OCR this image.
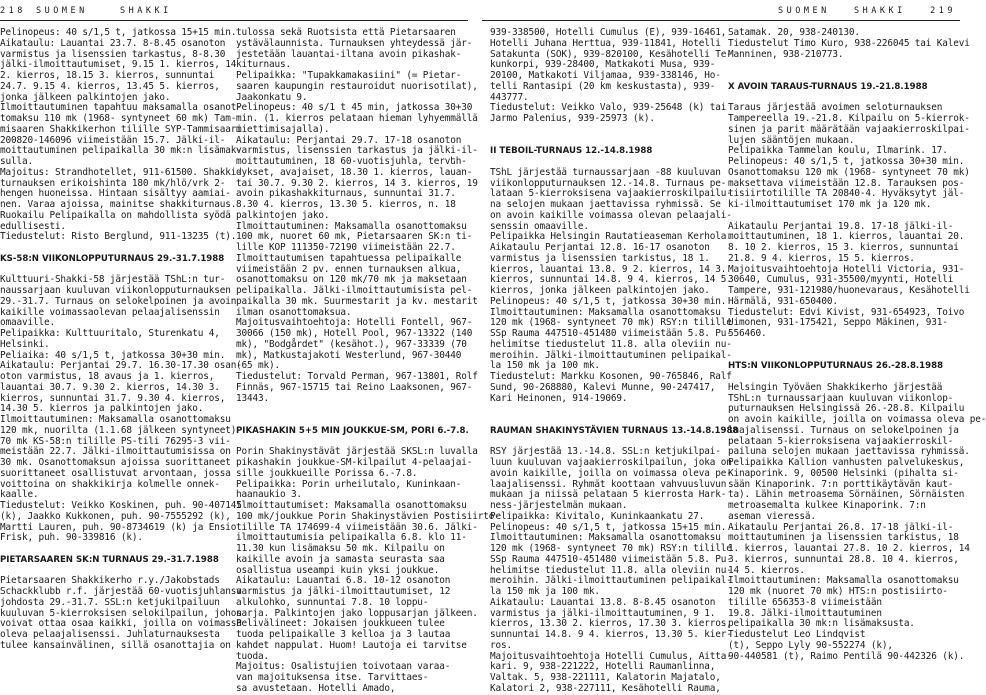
218 SUOMEN	SHAKKI
Pelinopeus: 40 s/1,5 t, jatkossa 15+15 min.
Aikataulu: Lauantai 23.7. 8-8.45 osanoton
varmistus ja lisenssien tarkastus, 8-8.30
jälki-ilmoittautumiset, 9.15 1. kierros, 14
2. kierros, 18.15 3. kierros, sunnuntai
24.7. 9.15 4. kierros, 13.45 5. kierros,
jonka jälkeen palkintojen jako.
Ilmoittautuminen tapahtuu maksamalla osanot-
tomaksu 110 mk (1968- syntyneet 60 mk) Tam-
misaaren Shakkikerhon tilille SYP-Tammisaari
200820-146096 viimeistään 15.7. Jälki-il-
moittautuminen pelipaikalla 30 mk:n lisämak-
sulla.
Majoitus: Strandhotellet, 911-61500. Shakki-
turnauksen erikoishinta 180 mk/hlö/vrk 2-
hengen huoneissa. Hintaan sisältyy aamiai-
nen. Varaa ajoissa, mainitse shakkiturnaus.
Ruokailu Pelipaikalla on mahdollista syödä
edullisesti.
Tiedustelut: Risto Berglund, 911-13235 (t).
KS-58:N VIIKONLOPPUTURNAUS 29.-31.7.1988
Kulttuuri-Shakki-58 järjestää TShL:n tur-
naussarjaan kuuluvan viikonlopputurnauksen
29.-31.7. Turnaus on selokelpoinen ja avoin
kaikille voimassaolevan pelaajalisenssin
omaaville.
Pelipaikka: Kulttuuritalo, Sturenkatu 4,
Helsinki.
Peliaika: 40 s/1,5 t, jatkossa 30+30 min.
Aikataulu: Perjantai 29.7. 16.30-17.30 osan-
oton varmistus, 18 avaus ja 1. kierros,
lauantai 30.7. 9.30 2. kierros, 14.30 3.
kierros, sunnuntai 31.7. 9.30 4. kierros,
14.30 5. kierros ja palkintojen jako.
Ilmoittautuminen: Maksamalla osanottomaksu
120 mk, nuorilta (1.1.68 jälkeen syntyneet)
70 mk KS-58:n tilille PS-tili 76295-3 vii-
meistään 22.7. Jälki-ilmoittautumisissa on
30 mk. Osanottomaksun ajoissa suorittaneet
suorittaneet osallistuvat arvontaan, jossa
voittoina on shakkikirja kolmelle onnek-
kaalle.
Tiedustelut: Veikko Koskinen, puh. 90-407145
(k), Jaakko Kukkonen, puh. 90-7555292 (k),
Martti Lauren, puh. 90-8734619 (k) ja Ensio
Frisk, puh. 90-339816 (k).
PIETARSAAREN SK:N TURNAUS 29.-31.7.1988
Pietarsaaren Shakkikerho r.y./Jakobstads
Schackklubb r.f. järjestää 60-vuotisjuhlansa
johdosta 29.-31.7. SSL:n ketjukilpailuun
kuuluvan 5-kierroksisen selokilpailun, johon
voivat ottaa osaa kaikki, joilla on voimassa
oleva pelaajalisenssi. Juhlaturnauksesta
tulee kansainvälinen, sillä osanottajia on
tulossa sekä Ruotsista että Pietarsaaren
ystävälaunnista. Turnauksen yhteydessä jär-
jestetään lauantai-iltana avoin pikashak-
kiturnaus.
Pelipaikka: "Tupakkamakasiini" (= Pietar-
saaren kaupungin restauroidut nuorisotilat),
Jaakonkatu 9.
Pelinopeus: 40 s/1 t 45 min, jatkossa 30+30
min. (1. kierros pelataan hieman lyhyemmällä
miettimisajalla).
Aikataulu: Perjantai 29.7. 17-18 osanoton
varmistus, lisenssien tarkastus ja jälki-il-
moittautuminen, 18 60-vuotisjuhla, tervեh-
dykset, avajaiset, 18.30 1. kierros, lauan-
tai 30.7. 9.30 2. kierros, 14 3. kierros, 19
avoin pikashakkiturnaus, sunnuntai 31.7.
8.30 4. kierros, 13.30 5. kierros, n. 18
palkintojen jako.
Ilmoittautuminen: Maksamalla osanottomaksu
100 mk, nuoret 60 mk, Pietarsaaren SK:n ti-
lille KOP 111350-72190 viimeistään 22.7.
Ilmoittautumisen tapahtuessa pelipaikalle
viimeistään 2 pv. ennen turnauksen alkua,
osanottomaksu on 120 mk/70 mk ja maksetaan
pelipaikalla. Jälki-ilmoittautumisista pel-
paikalla 30 mk. Suurmestarit ja kv. mestarit
ilman osanottomaksua.
Majoitusvaihtoehtoja: Hotelli Fontell, 967-
30066 (150 mk), Hotell Pool, 967-13322 (140
mk), "Bodgårdet" (kesähot.), 967-33339 (70
mk), Matkustajakoti Westerlund, 967-30440
(65 mk).
Tiedustelut: Torvald Perman, 967-13801, Rolf
Finnäs, 967-15715 tai Reino Laaksonen, 967-
13443.
PIKASHAKIN 5+5 MIN JOUKKUE-SM, PORI 6.-7.8.
Porin Shakinystävät järjestää SKSL:n luvalla
pikashakin joukkue-SM-kilpailut 4-pelaajai-
sille joukkueille Porissa 6.-7.8.
Pelipaikka: Porin urheilutalo, Kuninkaan-
haanaukio 3.
Ilmoittautumiset: Maksamalla osanottomaksu
100 mk/joukkue Porin Shakinystävien Postisiirto-
tilille TA 174699-4 viimeistään 30.6. Jälki-
ilmoittautumisia pelipaikalla 6.8. klo 11-
11.30 kun lisämaksu 50 mk. Kilpailu on
kaikille avoin ja samasta seurasta saa
osallistua useampi kuin yksi joukkue.
Aikataulu: Lauantai 6.8. 10-12 osanoton
varmistus ja jälki-ilmoittautumiset, 12
alkulohko, sunnuntai 7.8. 10 loppu-
sarja. Palkintojen jako loppusarjan jälkeen.
Pelivälineet: Jokaisen joukkueen tulee
tuoda pelipaikalle 3 kelloa ja 3 lautaa
kahdet nappulat. Huom! Lautoja ei tarvitse
tuoda.
Majoitus: Osalistujien toivotaan varaa-
van majoituksensa itse. Tarvittaes-
sa avustetaan. Hotelli Amado,
SUOMEN	SHAKKI	219
939-338500, Hotelli Cumulus (E), 939-16461,
Hotelli Juhana Herttua, 939-11841, Hotelli
Satakunta (SOK), 939-820100, Kesähotelli Te-
kunkorpi, 939-28400, Matkakoti Musa, 939-
20100, Matkakoti Viljamaa, 939-338146, Ho-
telli Rantasipi (20 km keskustasta), 939-
443777.
Tiedustelut: Veikko Valo, 939-25648 (k) tai
Jarmo Palenius, 939-25973 (k).
II TEBOIL-TURNAUS 12.-14.8.1988
TShL järjestää turnaussarjaan -88 kuuluvan
viikonlopputurnauksen 12.-14.8. Turnaus pe-
lataan 5-kierroksisena vajaakierroskilpailu-
na selojen mukaan jaettavissa ryhmissä. Se
on avoin kaikille voimassa olevan pelaajali-
senssin omaaville.
Pelipaikka Helsingin Rautatieaseman Kerhola.
Aikataulu Perjantai 12.8. 16-17 osanoton
varmistus ja lisenssien tarkistus, 18 1.
kierros, lauantai 13.8. 9 2. kierros, 14 3.
kierros, sunnuntai 14.8. 9 4. kierros, 14 5.
kierros, jonka jälkeen palkintojen jako.
Pelinopeus: 40 s/1,5 t, jatkossa 30+30 min.
Ilmoittautuminen: Maksamalla osanottomaksu
120 mk (1968- syntyneet 70 mk) RSY:n tilille
SSp Rauma 447510-451480 viimeistään 5.8. Pu-
helimitse tiedustelut 11.8. alla oleviin nu-
meroihin. Jälki-ilmoittautuminen pelipaikal-
la 150 mk ja 100 mk.
Tiedustelut: Markku Kosonen, 90-765846, Ralf
Sund, 90-268880, Kalevi Munne, 90-247417,
Kari Heinonen, 914-19069.
RAUMAN SHAKINYSTÄVIEN TURNAUS 13.-14.8.1988
RSY järjestää 13.-14.8. SSL:n ketjukilpai-
luun kuuluvan vajaakierroskilpailun, joka on
avoin kaikille, joilla on voimassa oleva pe-
laajalisenssi. Ryhmät koottaan vahvuusluvun
mukaan ja niissä pelataan 5 kierrosta Hark-
ness-järjestelmän mukaan.
Pelipaikka: Kivitalo, Kuninkaankatu 27.
Pelinopeus: 40 s/1,5 t, jatkossa 15+15 min.
Ilmoittautuminen: Maksamalla osanottomaksu
120 mk (1968- syntyneet 70 mk) RSY:n tilille
SSp Rauma 447510-451480 viimeistään 5.8. Pu-
helimitse tiedustelut 11.8. alla oleviin nu-
meroihin. Jälki-ilmoittautuminen pelipaikal-
la 150 mk ja 100 mk.
Aikataulu: Lauantai 13.8. 8-8.45 osanoton
varmistus ja jälki-ilmoittautuminen, 9 1.
kierros, 13.30 2. kierros, 17.30 3. kierros,
sunnuntai 14.8. 9 4. kierros, 13.30 5. kier-
ros.
Majoitusvaihtoehtoja Hotelli Cumulus, Aitta-
kari. 9, 938-221222, Hotelli Raumanlinna,
Valtak. 5, 938-221111, Kalatorin Majatalo,
Kalatori 2, 938-227111, Kesähotelli Rauma,
Satamak. 20, 938-240130.
Tiedustelut Timo Kuro, 938-226045 tai Kalevi
Manninen, 938-210773.
X AVOIN TARAUS-TURNAUS 19.-21.8.1988
Taraus järjestää avoimen seloturnauksen
Tampereella 19.-21.8. Kilpailu on 5-kierrok-
sinen ja parit määrätään vajaakierroskilpai-
lujen sääntöjen mukaan.
Pelipaikka Tammelan koulu, Ilmarink. 17.
Pelinopeus: 40 s/1,5 t, jatkossa 30+30 min.
Osanottomaksu 120 mk (1968- syntyneet 70 mk)
maksettava viimeistään 12.8. Tarauksen pos-
tisiirtotilille TA 20840-4. Hyväksytyt jäl-
ki-ilmoittautumiset 170 mk ja 120 mk.
Aikataulu Perjantai 19.8. 17-18 jälki-il-
moittautuminen, 18 1. kierros, lauantai 20.
8. 10 2. kierros, 15 3. kierros, sunnuntai
21.8. 9 4. kierros, 15 5. kierros.
Majoitusvaihtoehtoja Hotelli Victoria, 931-
30640, Cumulus, 931-35500/myynti, Hotelli
Tampere, 931-121980/huonevaraus, Kesähotelli
Härmälä, 931-650400.
Tiedustelut: Edvi Kivist, 931-654923, Toivo
Uimonen, 931-175421, Seppo Mäkinen, 931-
556460.
HTS:N VIIKONLOPPUTURNAUS 26.-28.8.1988
Helsingin Työväen Shakkikerho järjestää
TShL:n turnaussarjaan kuuluvan viikonlop-
puturnauksen Helsingissä 26.-28.8. Kilpailu
on avoin kaikille, joilla on voimassa oleva pe-
laajalisenssi. Turnaus on selokelpoinen ja
pelataan 5-kierroksisena vajaakierroskil-
pailuna selojen mukaan jaettavissa ryhmissä.
Pelipaikka Kallion vanhusten palvelukeskus,
Kinaporink. 9, 00500 Helsinki (pihalta si-
sään Kinaporink. 7:n porttikäytävän kaut-
ta). Lähin metroasema Sörnäinen, Sörnäisten
metroasemalta kulkee Kinaporink. 7:n
aseman vieressä.
Aikataulu Perjantai 26.8. 17-18 jälki-il-
moittautuminen ja lisenssien tarkistus, 18
1. kierros, lauantai 27.8. 10 2. kierros, 14
3. kierros, sunnuntai 28.8. 10 4. kierros,
14 5. kierros.
Ilmoittautuminen: Maksamalla osanottomaksu
120 mk (nuoret 70 mk) HTS:n postisiirto-
tilille 656353-8 viimeistään
19.8. Jälki-ilmoittautuminen
pelipaikalla 30 mk:n lisämaksusta.
Tiedustelut Leo Lindqvist
(t), Seppo Lyly 90-552274 (k),
90-440581 (t), Raimo Pentilä 90-442326 (k).
